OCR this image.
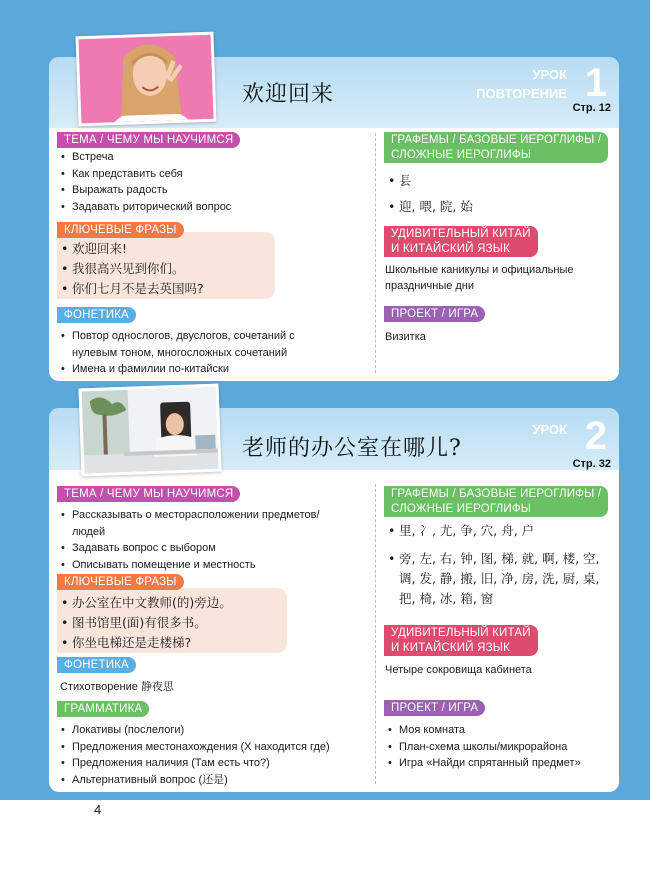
欢迎回来
УРОК
ПОВТОРЕНИЕ 1
Стр. 12
ТЕМА / ЧЕМУ МЫ НАУЧИМСЯ
• Встреча
• Как представить себя
• Выражать радость
• Задавать риторический вопрос
КЛЮЧЕВЫЕ ФРАЗЫ
• 欢迎回来!
• 我很高兴见到你们。
• 你们七月不是去英国吗?
ФОНЕТИКА
• Повтор однослогов, двуслогов, сочетаний с нулевым тоном, многосложных сочетаний
• Имена и фамилии по-китайски
ГРАФЕМЫ / БАЗОВЫЕ ИЕРОГЛИФЫ /
СЛОЖНЫЕ ИЕРОГЛИФЫ
• ⻒
• 迎, 喂, 院, 始
УДИВИТЕЛЬНЫЙ КИТАЙ
И КИТАЙСКИЙ ЯЗЫК
Школьные каникулы и официальные праздничные дни
ПРОЕКТ / ИГРА
Визитка
老师的办公室在哪儿?
УРОК 2
Стр. 32
ТЕМА / ЧЕМУ МЫ НАУЧИМСЯ
• Рассказывать о месторасположении предметов/ людей
• Задавать вопрос с выбором
• Описывать помещение и местность
КЛЮЧЕВЫЕ ФРАЗЫ
• 办公室在中文教师(的)旁边。
• 图书馆里(面)有很多书。
• 你坐电梯还是走楼梯?
ФОНЕТИКА
Стихотворение 静夜思
ГРАММАТИКА
• Локативы (послелоги)
• Предложения местонахождения (X находится где)
• Предложения наличия (Там есть что?)
• Альтернативный вопрос (还是)
ГРАФЕМЫ / БАЗОВЫЕ ИЕРОГЛИФЫ /
СЛОЖНЫЕ ИЕРОГЛИФЫ
• 里, 冫, 尤, 争, 穴, 舟, 户
• 旁, 左, 右, 钟, 图, 梯, 就, 啊, 楼, 空, 调, 发, 静, 搬, 旧, 净, 房, 洗, 厨, 桌, 把, 椅, 冰, 箱, 窗
УДИВИТЕЛЬНЫЙ КИТАЙ
И КИТАЙСКИЙ ЯЗЫК
Четыре сокровища кабинета
ПРОЕКТ / ИГРА
• Моя комната
• План-схема школы/микрорайона
• Игра «Найди спрятанный предмет»
4
